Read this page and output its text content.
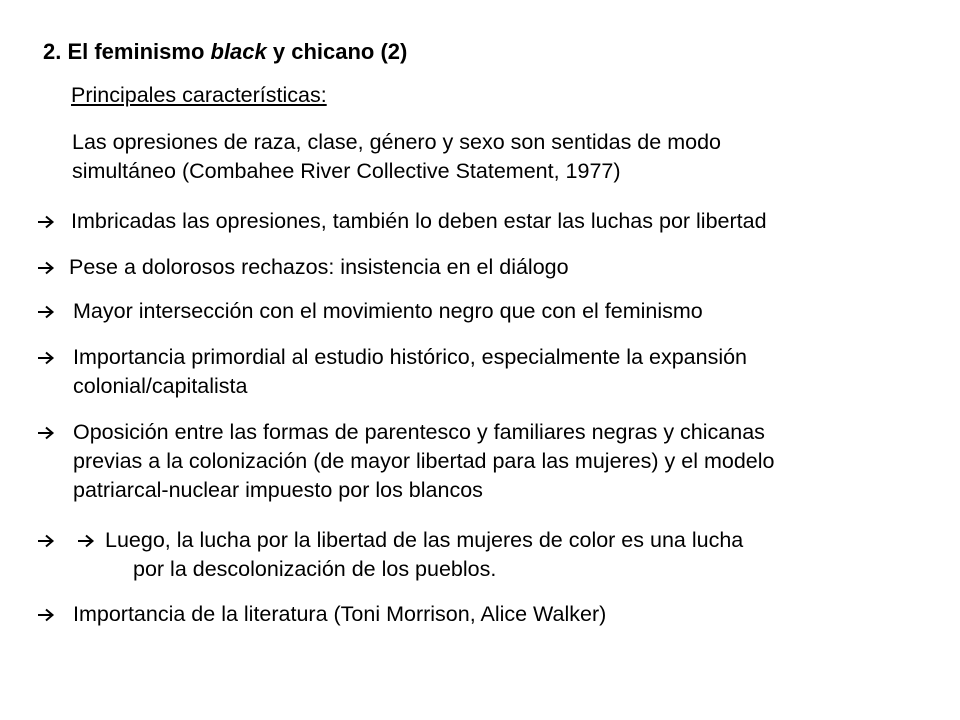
2. El feminismo black y chicano (2)
Principales características:
Las opresiones de raza, clase, género y sexo son sentidas de modo
simultáneo (Combahee River Collective Statement, 1977)
Imbricadas las opresiones, también lo deben estar las luchas por libertad
Pese a dolorosos rechazos: insistencia en el diálogo
Mayor intersección con el movimiento negro que con el feminismo
Importancia primordial al estudio histórico, especialmente la expansión
colonial/capitalista
Oposición entre las formas de parentesco y familiares negras y chicanas
previas a la colonización (de mayor libertad para las mujeres) y el modelo
patriarcal-nuclear impuesto por los blancos
Luego, la lucha por la libertad de las mujeres de color es una lucha
por la descolonización de los pueblos.
Importancia de la literatura (Toni Morrison, Alice Walker)
